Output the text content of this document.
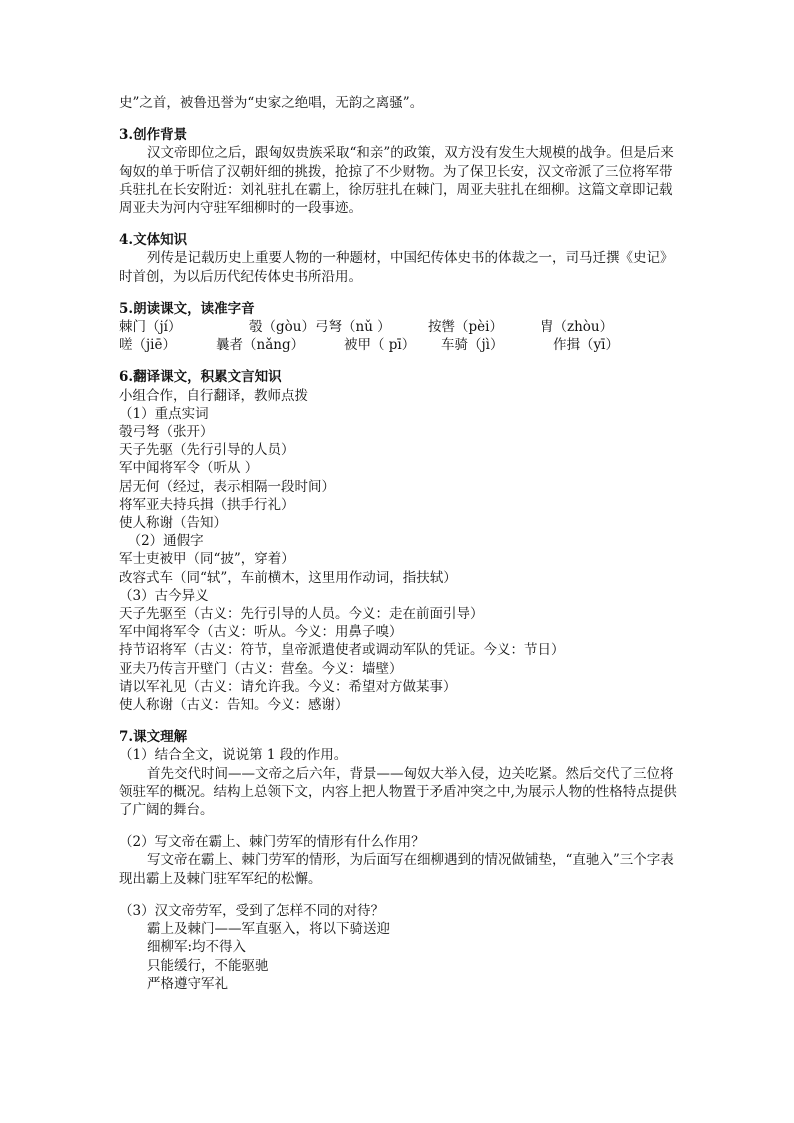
史”之首，被鲁迅誉为“史家之绝唱，无韵之离骚”。

3.创作背景

汉文帝即位之后，跟匈奴贵族采取“和亲”的政策，双方没有发生大规模的战争。但是后来匈奴的单于听信了汉朝奸细的挑拨，抢掠了不少财物。为了保卫长安，汉文帝派了三位将军带兵驻扎在长安附近：刘礼驻扎在霸上，徐厉驻扎在棘门，周亚夫驻扎在细柳。这篇文章即记载周亚夫为河内守驻军细柳时的一段事迹。

4.文体知识

列传是记载历史上重要人物的一种题材，中国纪传体史书的体裁之一，司马迁撰《史记》时首创，为以后历代纪传体史书所沿用。

5.朗读课文，读准字音

棘门（jí）	彀（gòu） 弓弩（nǔ ）	按辔（pèi）	胄（zhòu）
嗟（jiē）	曩者（nǎng）	被甲（ pī） 车骑（jì）	作揖（yī）

6.翻译课文，积累文言知识

小组合作，自行翻译，教师点拨

（1）重点实词

彀弓弩（张开）

天子先驱（先行引导的人员）

军中闻将军令（听从 ）

居无何（经过，表示相隔一段时间）

将军亚夫持兵揖（拱手行礼）

使人称谢（告知）

（2）通假字

军士吏被甲（同“披”，穿着）

改容式车（同“轼”，车前横木，这里用作动词，指扶轼）

（3）古今异义

天子先驱至（古义：先行引导的人员。今义：走在前面引导）

军中闻将军令（古义：听从。今义：用鼻子嗅）

持节诏将军（古义：符节，皇帝派遣使者或调动军队的凭证。今义：节日）

亚夫乃传言开壁门（古义：营垒。今义：墙壁）

请以军礼见（古义：请允许我。今义：希望对方做某事）

使人称谢（古义：告知。今义：感谢）

7.课文理解

（1）结合全文，说说第 1 段的作用。

首先交代时间——文帝之后六年，背景——匈奴大举入侵，边关吃紧。然后交代了三位将领驻军的概况。结构上总领下文，内容上把人物置于矛盾冲突之中,为展示人物的性格特点提供了广阔的舞台。

（2）写文帝在霸上、棘门劳军的情形有什么作用？

写文帝在霸上、棘门劳军的情形，为后面写在细柳遇到的情况做铺垫，“直驰入”三个字表现出霸上及棘门驻军军纪的松懈。

（3）汉文帝劳军，受到了怎样不同的对待？

霸上及棘门——军直驱入，将以下骑送迎

细柳军:均不得入

只能缓行，不能驱驰

严格遵守军礼
